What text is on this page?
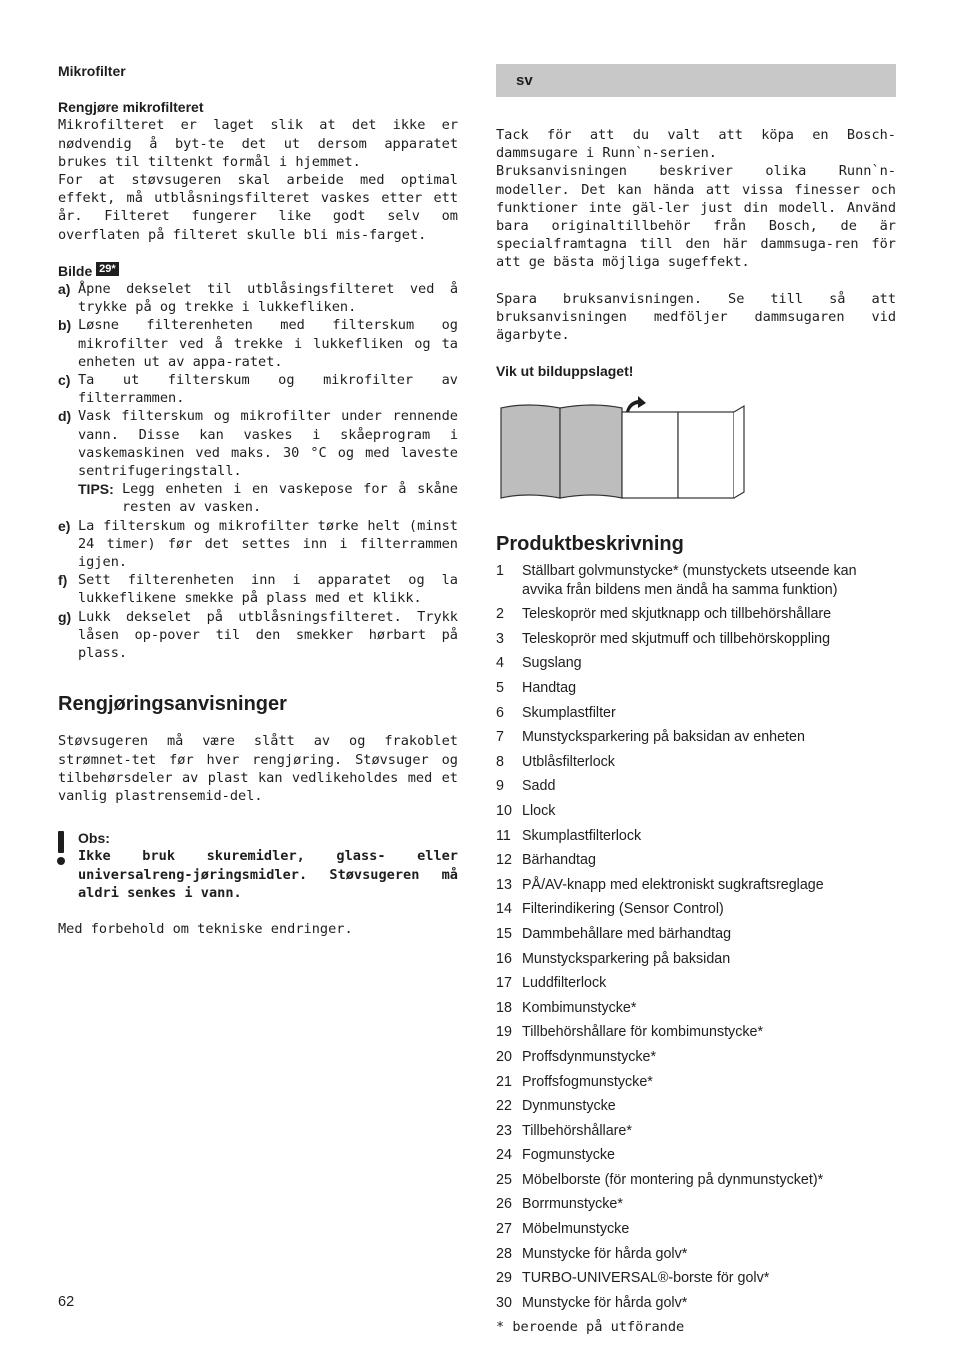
Mikrofilter

Rengjøre mikrofilteret

Mikrofilteret er laget slik at det ikke er nødvendig å byt-te det ut dersom apparatet brukes til tiltenkt formål i hjemmet.

For at støvsugeren skal arbeide med optimal effekt, må utblåsningsfilteret vaskes etter ett år. Filteret fungerer like godt selv om overflaten på filteret skulle bli mis-farget.

Bilde 29*

a) Åpne dekselet til utblåsingsfilteret ved å trykke på og trekke i lukkefliken.
b) Løsne filterenheten med filterskum og mikrofilter ved å trekke i lukkefliken og ta enheten ut av appa-ratet.
c) Ta ut filterskum og mikrofilter av filterrammen.
d) Vask filterskum og mikrofilter under rennende vann. Disse kan vaskes i skåeprogram i vaskemaskinen ved maks. 30 °C og med laveste sentrifugeringstall.
TIPS: Legg enheten i en vaskepose for å skåne resten av vasken.
e) La filterskum og mikrofilter tørke helt (minst 24 timer) før det settes inn i filterrammen igjen.
f) Sett filterenheten inn i apparatet og la lukkeflikene smekke på plass med et klikk.
g) Lukk dekselet på utblåsningsfilteret. Trykk låsen op-pover til den smekker hørbart på plass.
Rengjøringsanvisninger

Støvsugeren må være slått av og frakoblet strømnet-tet før hver rengjøring. Støvsuger og tilbehørsdeler av plast kan vedlikeholdes med et vanlig plastrensemid-del.

Obs:

Ikke bruk skuremidler, glass- eller universalreng-jøringsmidler. Støvsugeren må aldri senkes i vann.

Med forbehold om tekniske endringer.

sv

Tack för att du valt att köpa en Bosch-dammsugare i Runn`n-serien.

Bruksanvisningen beskriver olika Runn`n-modeller. Det kan hända att vissa finesser och funktioner inte gäl-ler just din modell. Använd bara originaltillbehör från Bosch, de är specialframtagna till den här dammsuga-ren för att ge bästa möjliga sugeffekt.

Spara bruksanvisningen. Se till så att bruksanvisningen medföljer dammsugaren vid ägarbyte.

Vik ut bilduppslaget!

Produktbeskrivning
1	Ställbart golvmunstycke* (munstyckets utseende kan avvika från bildens men ändå ha samma funktion)
2	Teleskoprör med skjutknapp och tillbehörshållare
3	Teleskoprör med skjutmuff och tillbehörskoppling
4	Sugslang
5	Handtag
6	Skumplastfilter
7	Munstycksparkering på baksidan av enheten
8	Utblåsfilterlock
9	Sadd
10 Llock
11 Skumplastfilterlock
12 Bärhandtag
13 PÅ/AV-knapp med elektroniskt sugkraftsreglage
14 Filterindikering (Sensor Control)
15 Dammbehållare med bärhandtag
16 Munstycksparkering på baksidan
17 Luddfilterlock
18 Kombimunstycke*
19 Tillbehörshållare för kombimunstycke*
20 Proffsdynmunstycke*
21 Proffsfogmunstycke*
22 Dynmunstycke
23 Tillbehörshållare*
24 Fogmunstycke
25 Möbelborste (för montering på dynmunstycket)*
26 Borrmunstycke*
27 Möbelmunstycke
28 Munstycke för hårda golv*
29 TURBO-UNIVERSAL®-borste för golv*
30 Munstycke för hårda golv*

* beroende på utförande

62
